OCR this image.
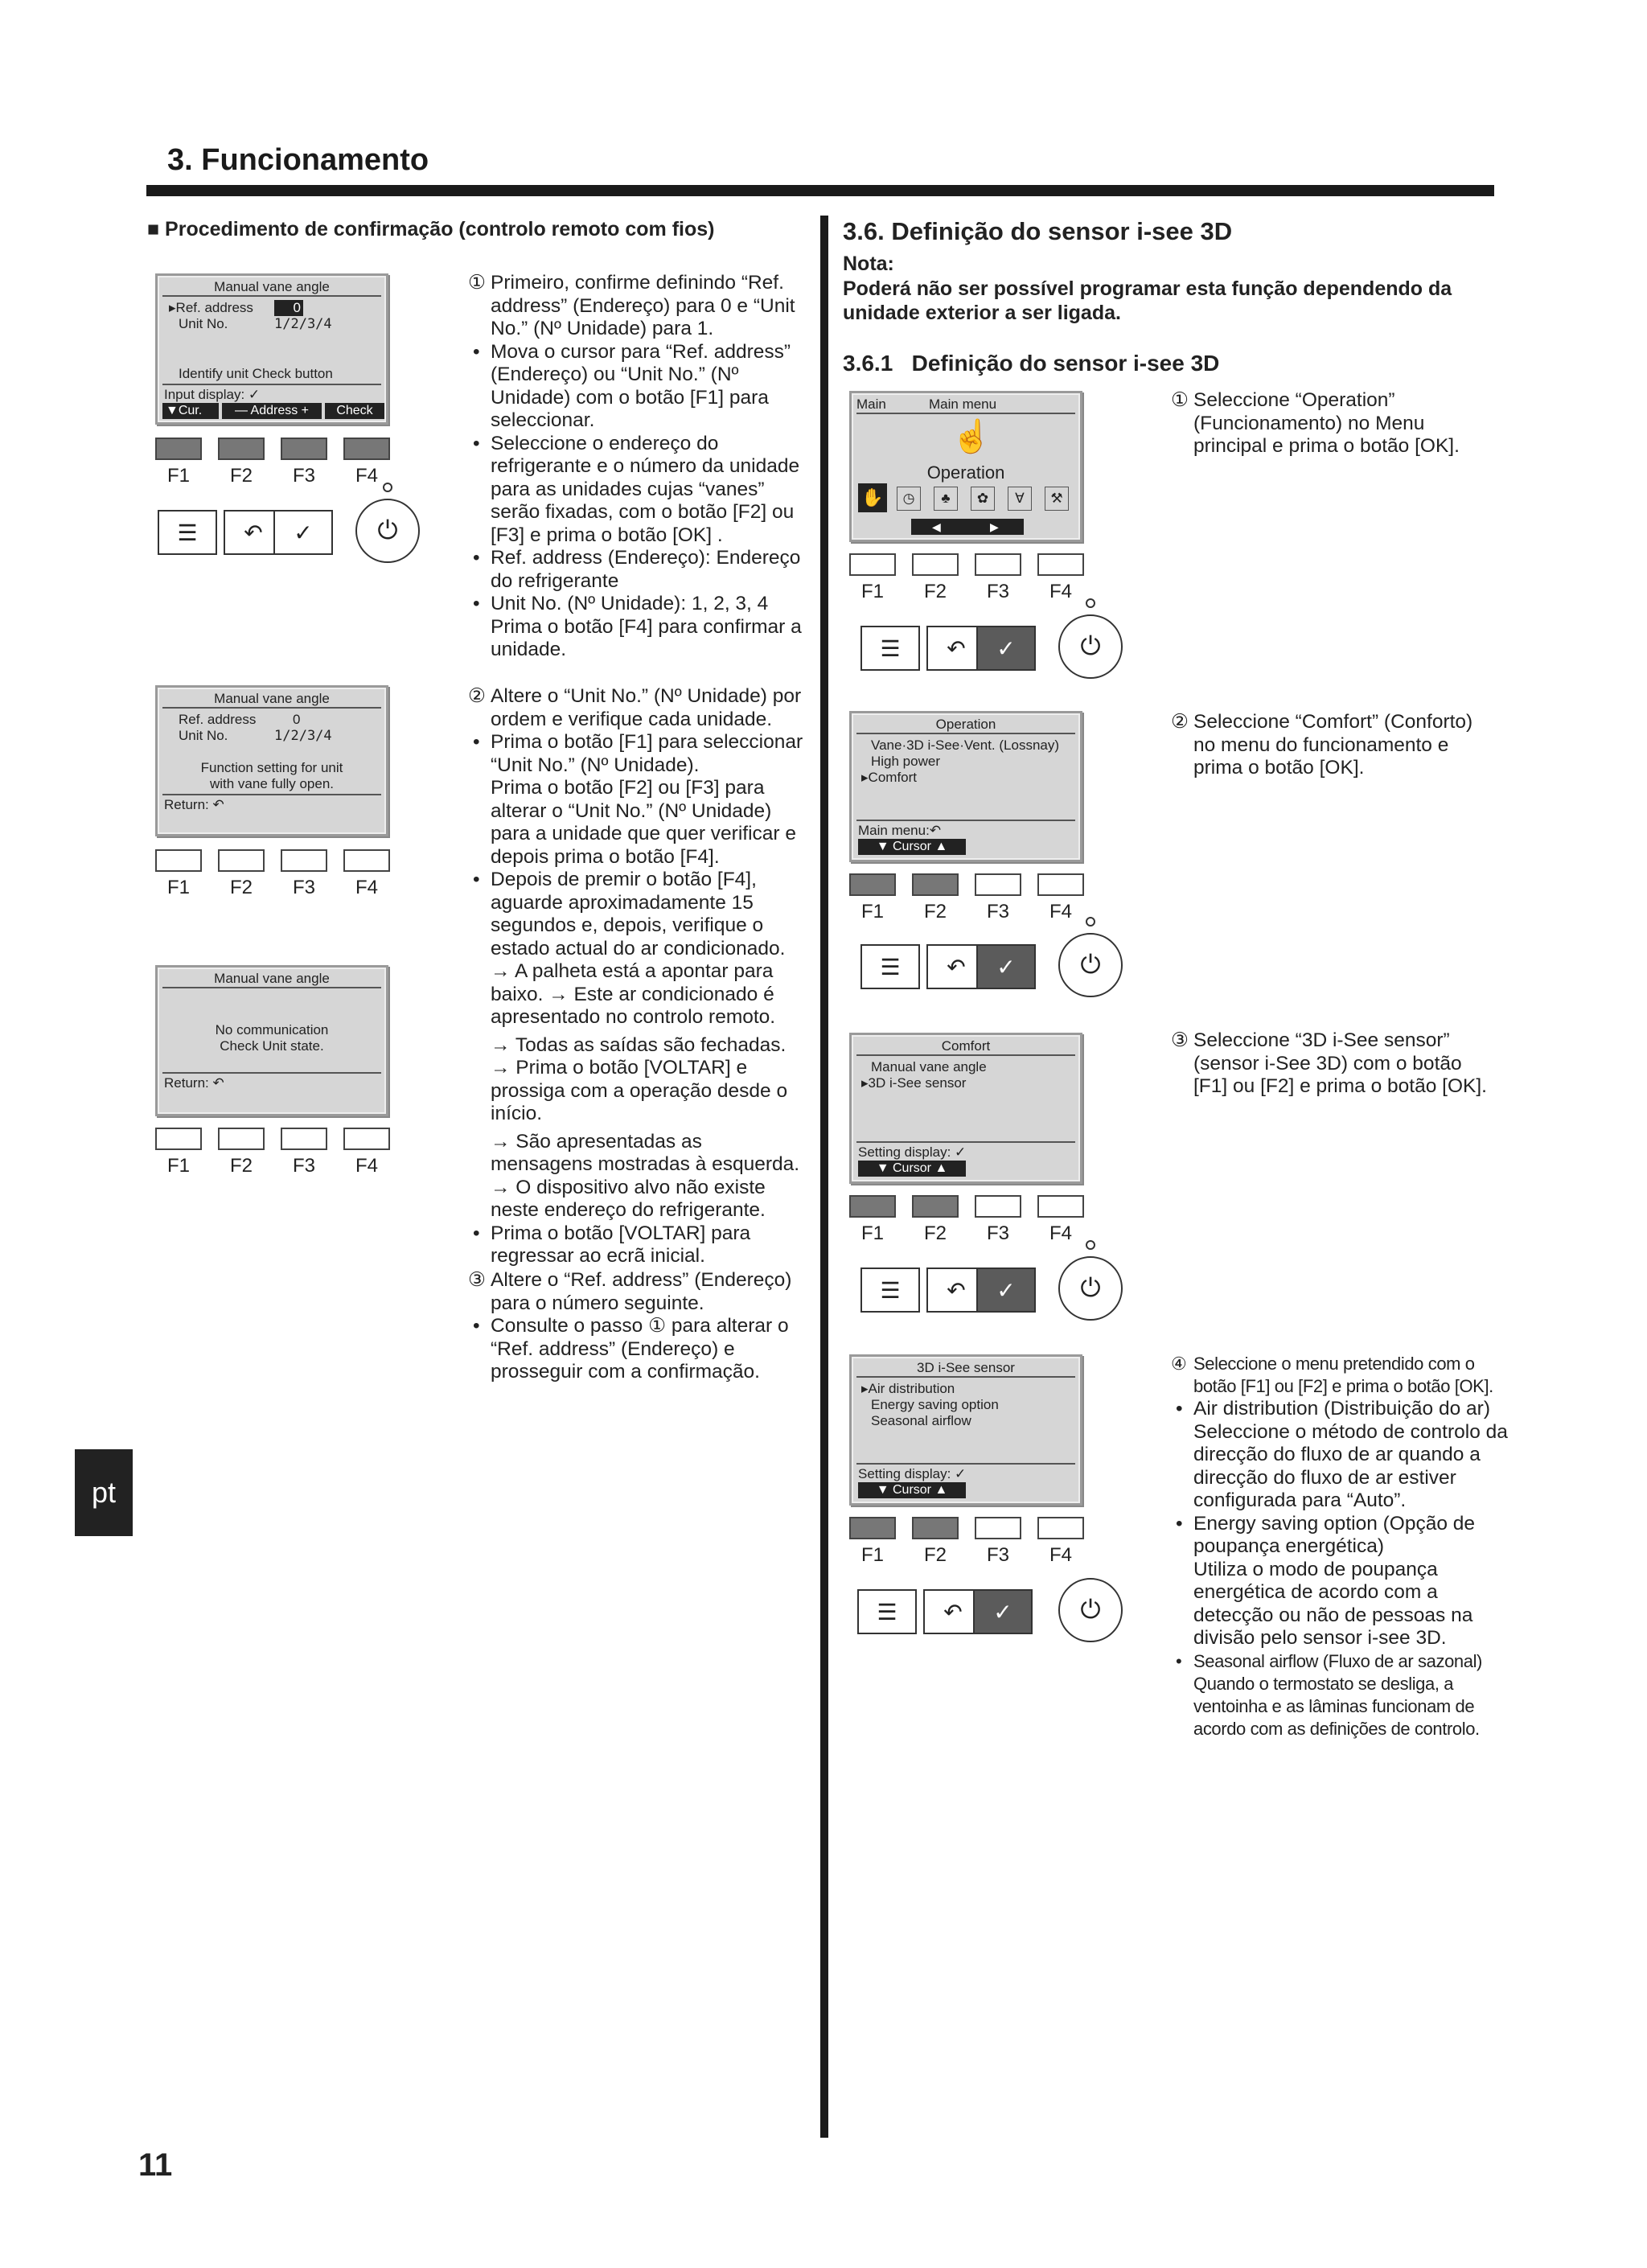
3. Funcionamento
pt
11
■ Procedimento de confirmação (controlo remoto com fios)
Manual vane angle
▸Ref. address	0
Unit No.	1/2/3/4
Identify unit Check button
Input display: ✓
▼Cur.	— Address +	Check
F1	F2	F3	F4
☰ ↶ ✓	⏻
Manual vane angle
Ref. address	0
Unit No.	1/2/3/4
Function setting for unit
with vane fully open.
Return: ↶
F1	F2	F3	F4
Manual vane angle
No communication
Check Unit state.
Return: ↶
F1	F2	F3	F4

① Primeiro, confirme definindo “Ref. address” (Endereço) para 0 e “Unit No.” (Nº Unidade) para 1.

• Mova o cursor para “Ref. address” (Endereço) ou “Unit No.” (Nº Unidade) com o botão [F1] para seleccionar.

• Seleccione o endereço do refrigerante e o número da unidade para as unidades cujas “vanes” serão fixadas, com o botão [F2] ou [F3] e prima o botão [OK] .

• Ref. address (Endereço): Endereço do refrigerante

• Unit No. (Nº Unidade): 1, 2, 3, 4

Prima o botão [F4] para confirmar a unidade.

② Altere o “Unit No.” (Nº Unidade) por ordem e verifique cada unidade.

• Prima o botão [F1] para seleccionar “Unit No.” (Nº Unidade).

Prima o botão [F2] ou [F3] para alterar o “Unit No.” (Nº Unidade) para a unidade que quer verificar e depois prima o botão [F4].

• Depois de premir o botão [F4], aguarde aproximadamente 15 segundos e, depois, verifique o estado actual do ar condicionado.

→ A palheta está a apontar para baixo. → Este ar condicionado é apresentado no controlo remoto.

→ Todas as saídas são fechadas. → Prima o botão [VOLTAR] e prossiga com a operação desde o início.

→ São apresentadas as mensagens mostradas à esquerda. → O dispositivo alvo não existe neste endereço do refrigerante.

• Prima o botão [VOLTAR] para regressar ao ecrã inicial.

③ Altere o “Ref. address” (Endereço) para o número seguinte.

• Consulte o passo ① para alterar o “Ref. address” (Endereço) e prosseguir com a confirmação.

3.6. Definição do sensor i-see 3D
Nota:
Poderá não ser possível programar esta função dependendo da unidade exterior a ser ligada.
3.6.1   Definição do sensor i-see 3D
Main	Main menu
☝
Operation
✋	◷	♣	✿	∀	⚒
◀	▶
F1	F2	F3	F4
☰ ↶ ✓	⏻
Operation
Vane·3D i-See·Vent. (Lossnay)
High power
▸Comfort
Main menu:↶
▼ Cursor ▲
F1	F2	F3	F4
☰ ↶ ✓	⏻
Comfort
Manual vane angle
▸3D i-See sensor
Setting display: ✓
▼ Cursor ▲
F1	F2	F3	F4
☰ ↶ ✓	⏻
3D i-See sensor
▸Air distribution
Energy saving option
Seasonal airflow
Setting display: ✓
▼ Cursor ▲
F1	F2	F3	F4
☰ ↶ ✓	⏻

① Seleccione “Operation” (Funcionamento) no Menu principal e prima o botão [OK].

② Seleccione “Comfort” (Conforto) no menu do funcionamento e prima o botão [OK].

③ Seleccione “3D i-See sensor” (sensor i-See 3D) com o botão [F1] ou [F2] e prima o botão [OK].

④ Seleccione o menu pretendido com o botão [F1] ou [F2] e prima o botão [OK].

• Air distribution (Distribuição do ar)

Seleccione o método de controlo da direcção do fluxo de ar quando a direcção do fluxo de ar estiver configurada para “Auto”.

• Energy saving option (Opção de poupança energética)

Utiliza o modo de poupança energética de acordo com a detecção ou não de pessoas na divisão pelo sensor i-see 3D.

• Seasonal airflow (Fluxo de ar sazonal)

Quando o termostato se desliga, a ventoinha e as lâminas funcionam de acordo com as definições de controlo.
